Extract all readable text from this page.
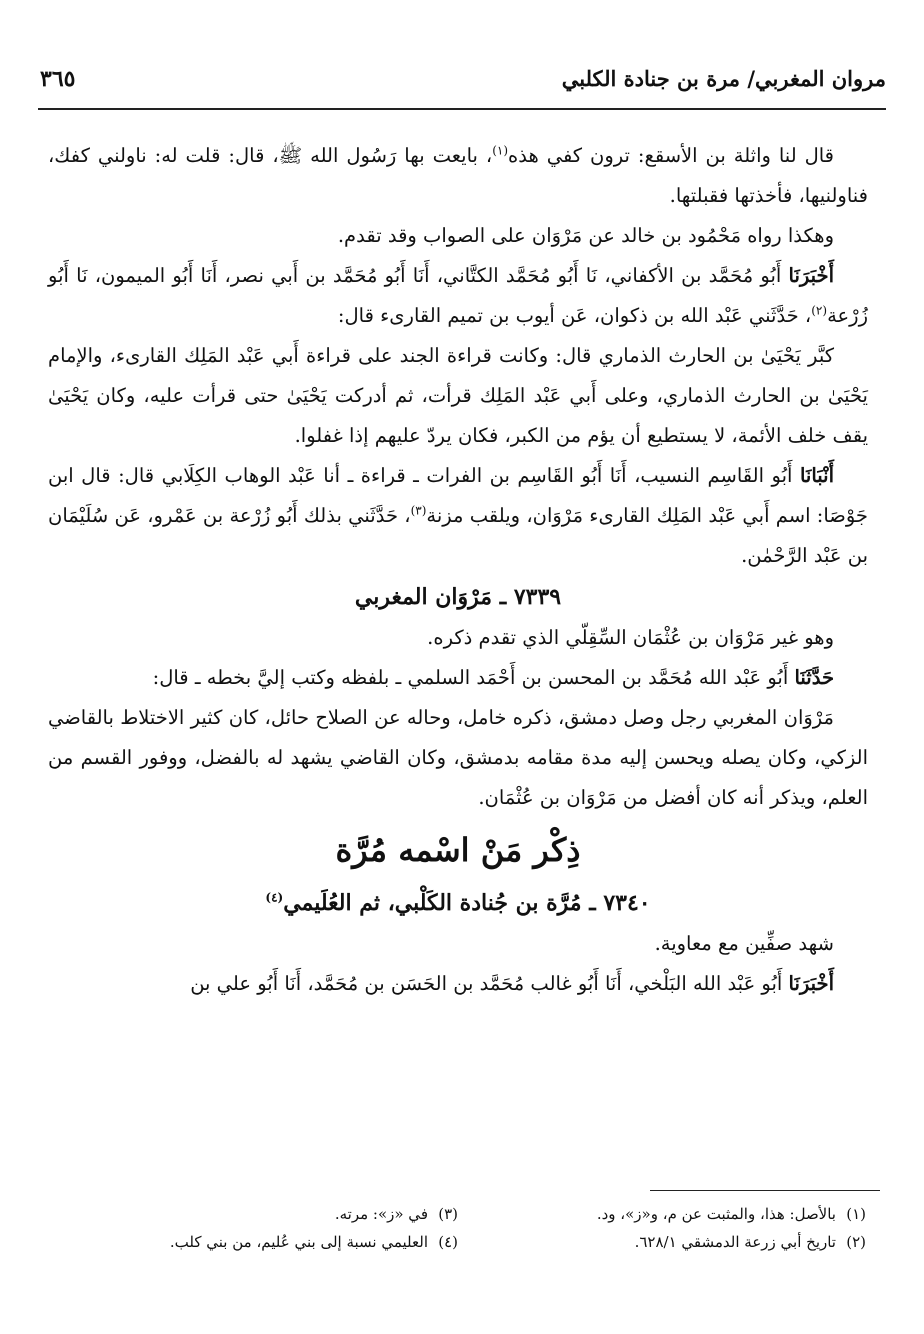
مروان المغربي/ مرة بن جنادة الكلبي
٣٦٥

قال لنا واثلة بن الأسقع: ترون كفي هذه$^{(١)}$، بايعت بها رَسُول الله ﷺ، قال: قلت له: ناولني كفك، فناولنيها، فأخذتها فقبلتها.

وهكذا رواه مَحْمُود بن خالد عن مَرْوَان على الصواب وقد تقدم.

أَخْبَرَنَا أَبُو مُحَمَّد بن الأكفاني، نَا أَبُو مُحَمَّد الكتَّاني، أَنَا أَبُو مُحَمَّد بن أَبي نصر، أَنَا أَبُو الميمون، نَا أَبُو زُرْعة$^{(٢)}$، حَدَّثَني عَبْد الله بن ذكوان، عَن أيوب بن تميم القارىء قال:

كبَّر يَحْيَىٰ بن الحارث الذماري قال: وكانت قراءة الجند على قراءة أَبي عَبْد المَلِك القارىء، والإمام يَحْيَىٰ بن الحارث الذماري، وعلى أَبي عَبْد المَلِك قرأت، ثم أدركت يَحْيَىٰ حتى قرأت عليه، وكان يَحْيَىٰ يقف خلف الأئمة، لا يستطيع أن يؤم من الكبر، فكان يردّ عليهم إذا غفلوا.

أَنْبَانَا أَبُو القَاسِم النسيب، أَنَا أَبُو القَاسِم بن الفرات ـ قراءة ـ أنا عَبْد الوهاب الكِلَابي قال: قال ابن جَوْصَا: اسم أَبي عَبْد المَلِك القارىء مَرْوَان، ويلقب مزنة$^{(٣)}$، حَدَّثَني بذلك أَبُو زُرْعة بن عَمْرو، عَن سُلَيْمَان بن عَبْد الرَّحْمٰن.

٧٣٣٩ ـ مَرْوَان المغربي

وهو غير مَرْوَان بن عُثْمَان السِّقِلّي الذي تقدم ذكره.

حَدَّثَنَا أَبُو عَبْد الله مُحَمَّد بن المحسن بن أَحْمَد السلمي ـ بلفظه وكتب إليَّ بخطه ـ قال:

مَرْوَان المغربي رجل وصل دمشق، ذكره خامل، وحاله عن الصلاح حائل، كان كثير الاختلاط بالقاضي الزكي، وكان يصله ويحسن إليه مدة مقامه بدمشق، وكان القاضي يشهد له بالفضل، ووفور القسم من العلم، ويذكر أنه كان أفضل من مَرْوَان بن عُثْمَان.

ذِكْر مَنْ اسْمه مُرَّة

٧٣٤٠ ـ مُرَّة بن جُنادة الكَلْبي، ثم العُلَيمي$^{(٤)}$

شهد صفِّين مع معاوية.

أَخْبَرَنَا أَبُو عَبْد الله البَلْخي، أَنَا أَبُو غالب مُحَمَّد بن الحَسَن بن مُحَمَّد، أَنَا أَبُو علي بن

(١)بالأصل: هذا، والمثبت عن م، و«ز»، ود.
(٣)في «ز»: مرته.
(٢)تاريخ أبي زرعة الدمشقي ٦٢٨/١.
(٤)العليمي نسبة إلى بني عُليم، من بني كلب.
